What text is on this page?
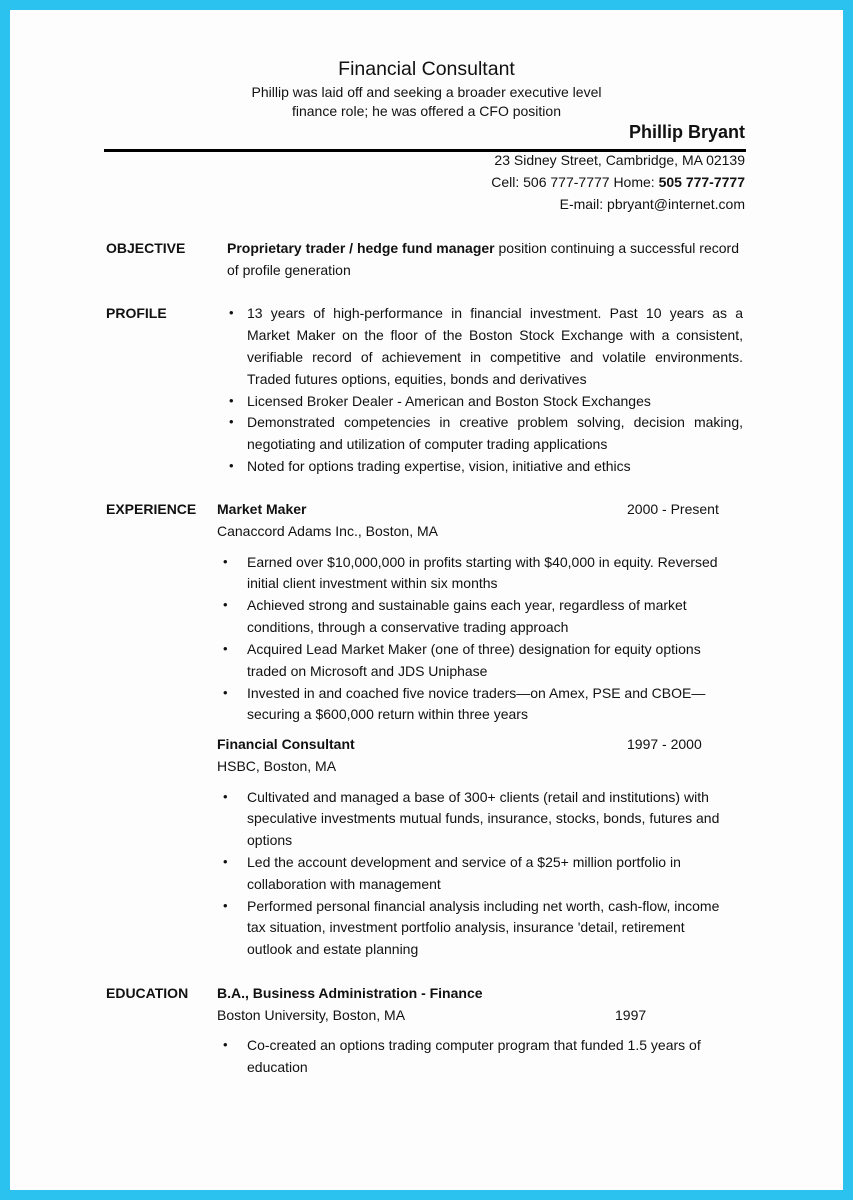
Financial Consultant
Phillip was laid off and seeking a broader executive level
finance role; he was offered a CFO position
Phillip Bryant
23 Sidney Street, Cambridge, MA 02139
Cell: 506 777-7777 Home: 505 777-7777
E-mail: pbryant@internet.com
OBJECTIVE	Proprietary trader / hedge fund manager position continuing a successful record
of profile generation
PROFILE	• 13 years of high-performance in financial investment. Past 10 years as a
Market Maker on the floor of the Boston Stock Exchange with a consistent,
verifiable record of achievement in competitive and volatile environments.
Traded futures options, equities, bonds and derivatives
• Licensed Broker Dealer - American and Boston Stock Exchanges
• Demonstrated competencies in creative problem solving, decision making,
negotiating and utilization of computer trading applications
• Noted for options trading expertise, vision, initiative and ethics
EXPERIENCE Market Maker	2000 - Present
Canaccord Adams Inc., Boston, MA
• Earned over $10,000,000 in profits starting with $40,000 in equity. Reversed
initial client investment within six months
• Achieved strong and sustainable gains each year, regardless of market
conditions, through a conservative trading approach
• Acquired Lead Market Maker (one of three) designation for equity options
traded on Microsoft and JDS Uniphase
• Invested in and coached five novice traders—on Amex, PSE and CBOE—
securing a $600,000 return within three years
Financial Consultant	1997 - 2000
HSBC, Boston, MA
• Cultivated and managed a base of 300+ clients (retail and institutions) with
speculative investments mutual funds, insurance, stocks, bonds, futures and
options
• Led the account development and service of a $25+ million portfolio in
collaboration with management
• Performed personal financial analysis including net worth, cash-flow, income
tax situation, investment portfolio analysis, insurance 'detail, retirement
outlook and estate planning
EDUCATION B.A., Business Administration - Finance
Boston University, Boston, MA	1997
• Co-created an options trading computer program that funded 1.5 years of
education
